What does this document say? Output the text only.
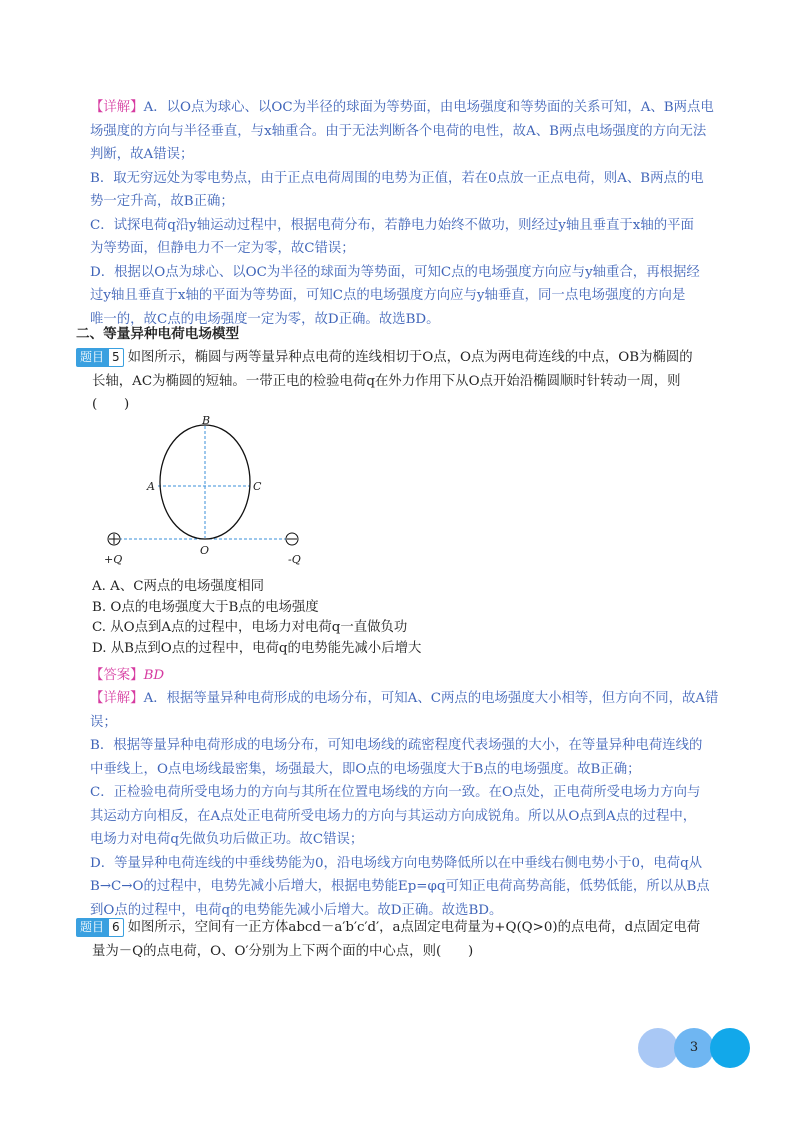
【详解】A．以O点为球心、以OC为半径的球面为等势面，由电场强度和等势面的关系可知，A、B两点电

场强度的方向与半径垂直，与x轴重合。由于无法判断各个电荷的电性，故A、B两点电场强度的方向无法

判断，故A错误；

B．取无穷远处为零电势点，由于正点电荷周围的电势为正值，若在0点放一正点电荷，则A、B两点的电

势一定升高，故B正确；

C．试探电荷q沿y轴运动过程中，根据电荷分布，若静电力始终不做功，则经过y轴且垂直于x轴的平面

为等势面，但静电力不一定为零，故C错误；

D．根据以O点为球心、以OC为半径的球面为等势面，可知C点的电场强度方向应与y轴重合，再根据经

过y轴且垂直于x轴的平面为等势面，可知C点的电场强度方向应与y轴垂直，同一点电场强度的方向是

唯一的，故C点的电场强度一定为零，故D正确。故选BD。

二、等量异种电荷电场模型

题目 5 如图所示，椭圆与两等量异种点电荷的连线相切于O点，O点为两电荷连线的中点，OB为椭圆的

长轴，AC为椭圆的短轴。一带正电的检验电荷q在外力作用下从O点开始沿椭圆顺时针转动一周，则

(　　)

B
A	C
O
+Q	-Q

A. A、C两点的电场强度相同

B. O点的电场强度大于B点的电场强度

C. 从O点到A点的过程中，电场力对电荷q一直做负功

D. 从B点到O点的过程中，电荷q的电势能先减小后增大

【答案】BD

【详解】A．根据等量异种电荷形成的电场分布，可知A、C两点的电场强度大小相等，但方向不同，故A错

误；

B．根据等量异种电荷形成的电场分布，可知电场线的疏密程度代表场强的大小，在等量异种电荷连线的

中垂线上，O点电场线最密集，场强最大，即O点的电场强度大于B点的电场强度。故B正确；

C．正检验电荷所受电场力的方向与其所在位置电场线的方向一致。在O点处，正电荷所受电场力方向与

其运动方向相反，在A点处正电荷所受电场力的方向与其运动方向成锐角。所以从O点到A点的过程中，

电场力对电荷q先做负功后做正功。故C错误；

D．等量异种电荷连线的中垂线势能为0，沿电场线方向电势降低所以在中垂线右侧电势小于0，电荷q从

B→C→O的过程中，电势先减小后增大，根据电势能Ep=φq可知正电荷高势高能，低势低能，所以从B点

到O点的过程中，电荷q的电势能先减小后增大。故D正确。故选BD。

题目 6 如图所示，空间有一正方体abcd－a′b′c′d′，a点固定电荷量为+Q(Q>0)的点电荷，d点固定电荷

量为－Q的点电荷，O、O′分别为上下两个面的中心点，则(　　)

3
